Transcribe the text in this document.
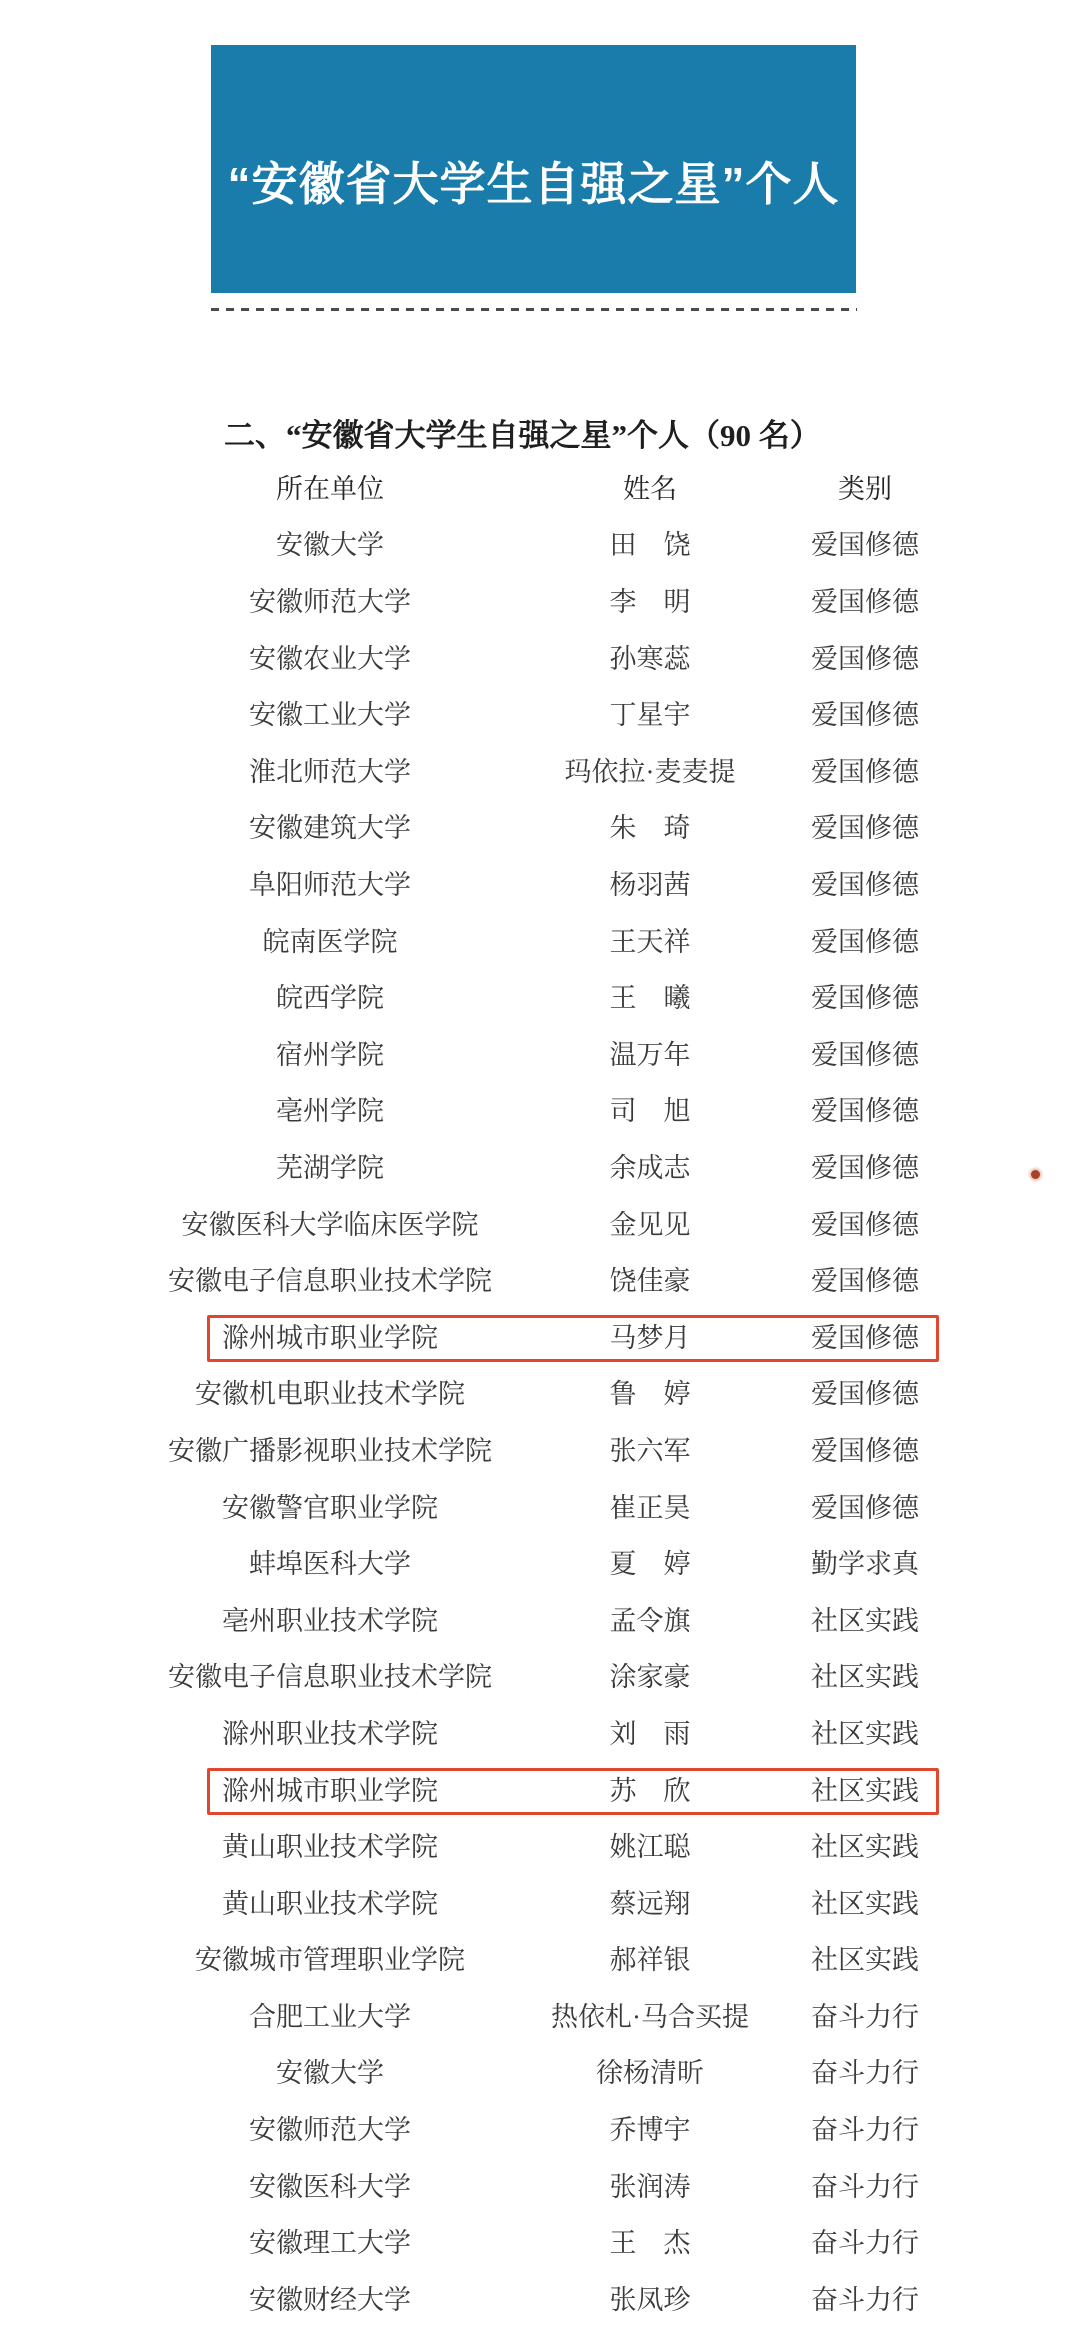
“安徽省大学生自强之星”个人
二、“安徽省大学生自强之星”个人（90 名）
所在单位	姓名	类别
安徽大学	田　饶	爱国修德
安徽师范大学	李　明	爱国修德
安徽农业大学	孙寒蕊	爱国修德
安徽工业大学	丁星宇	爱国修德
淮北师范大学	玛依拉·麦麦提	爱国修德
安徽建筑大学	朱　琦	爱国修德
阜阳师范大学	杨羽茜	爱国修德
皖南医学院	王天祥	爱国修德
皖西学院	王　曦	爱国修德
宿州学院	温万年	爱国修德
亳州学院	司　旭	爱国修德
芜湖学院	余成志	爱国修德
安徽医科大学临床医学院	金见见	爱国修德
安徽电子信息职业技术学院	饶佳豪	爱国修德
滁州城市职业学院	马梦月	爱国修德
安徽机电职业技术学院	鲁　婷	爱国修德
安徽广播影视职业技术学院	张六军	爱国修德
安徽警官职业学院	崔正昊	爱国修德
蚌埠医科大学	夏　婷	勤学求真
亳州职业技术学院	孟令旗	社区实践
安徽电子信息职业技术学院	涂家豪	社区实践
滁州职业技术学院	刘　雨	社区实践
滁州城市职业学院	苏　欣	社区实践
黄山职业技术学院	姚江聪	社区实践
黄山职业技术学院	蔡远翔	社区实践
安徽城市管理职业学院	郝祥银	社区实践
合肥工业大学	热依札·马合买提	奋斗力行
安徽大学	徐杨清昕	奋斗力行
安徽师范大学	乔博宇	奋斗力行
安徽医科大学	张润涛	奋斗力行
安徽理工大学	王　杰	奋斗力行
安徽财经大学	张凤珍	奋斗力行
